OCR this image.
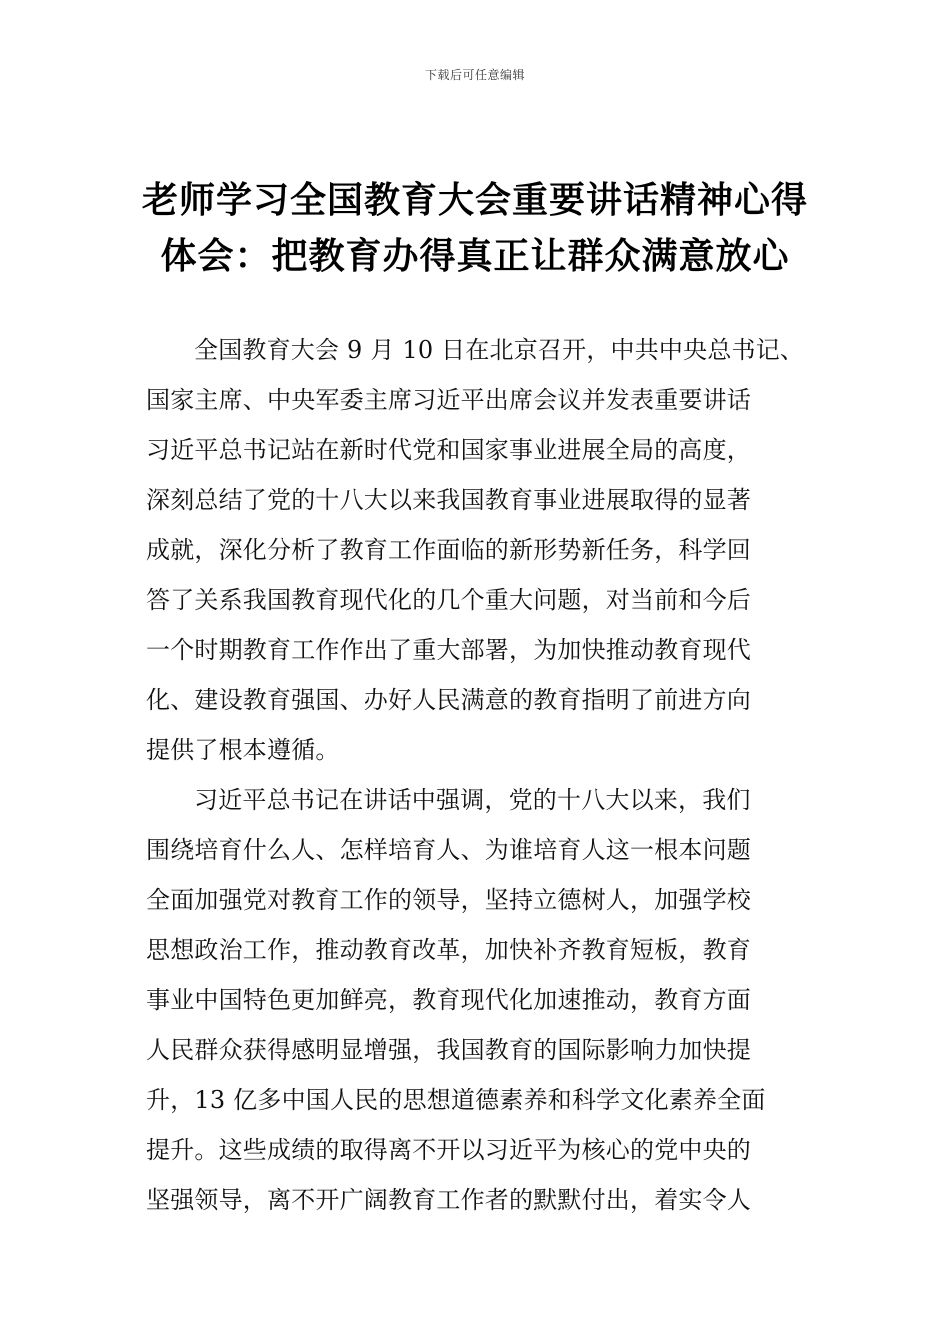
下载后可任意编辑
老师学习全国教育大会重要讲话精神心得
体会：把教育办得真正让群众满意放心
全国教育大会 9 月 10 日在北京召开，中共中央总书记、
国家主席、中央军委主席习近平出席会议并发表重要讲话
习近平总书记站在新时代党和国家事业进展全局的高度，
深刻总结了党的十八大以来我国教育事业进展取得的显著
成就，深化分析了教育工作面临的新形势新任务，科学回
答了关系我国教育现代化的几个重大问题，对当前和今后
一个时期教育工作作出了重大部署，为加快推动教育现代
化、建设教育强国、办好人民满意的教育指明了前进方向
提供了根本遵循。
习近平总书记在讲话中强调，党的十八大以来，我们
围绕培育什么人、怎样培育人、为谁培育人这一根本问题
全面加强党对教育工作的领导，坚持立德树人，加强学校
思想政治工作，推动教育改革，加快补齐教育短板，教育
事业中国特色更加鲜亮，教育现代化加速推动，教育方面
人民群众获得感明显增强，我国教育的国际影响力加快提
升，13 亿多中国人民的思想道德素养和科学文化素养全面
提升。这些成绩的取得离不开以习近平为核心的党中央的
坚强领导，离不开广阔教育工作者的默默付出，着实令人
